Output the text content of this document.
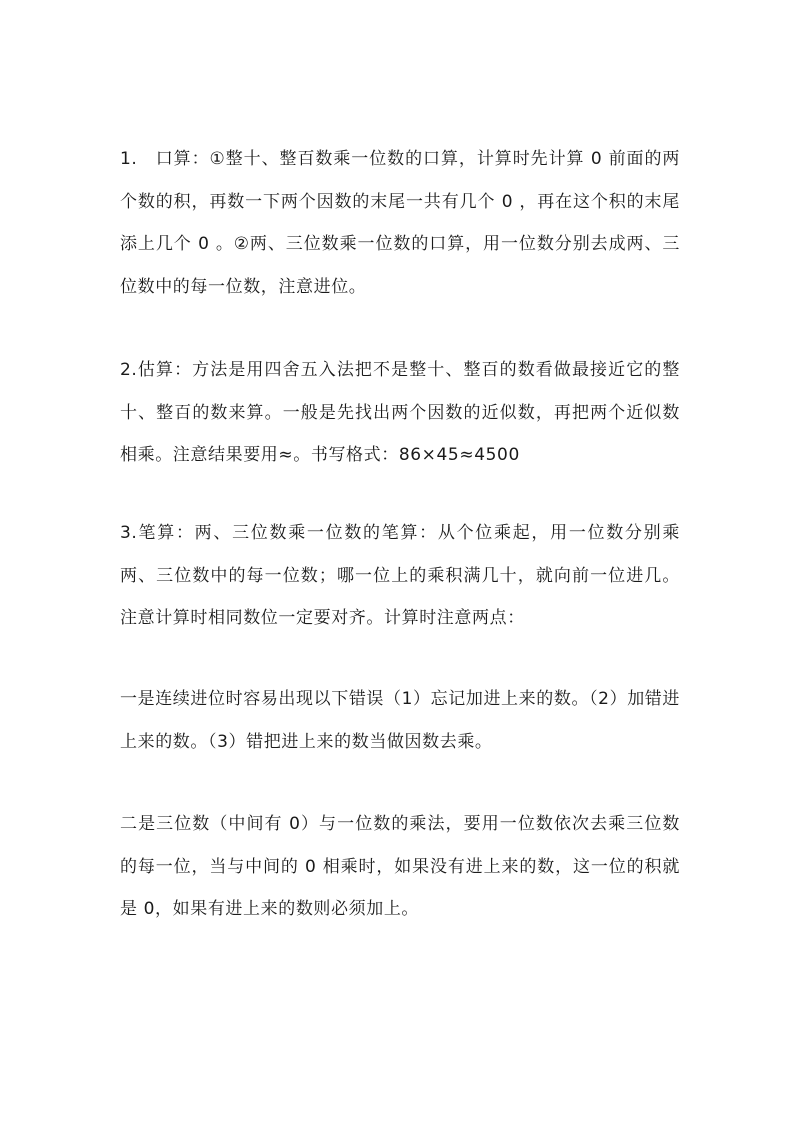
1.　口算：①整十、整百数乘一位数的口算，计算时先计算 0 前面的两个数的积，再数一下两个因数的末尾一共有几个 0 ，再在这个积的末尾添上几个 0 。②两、三位数乘一位数的口算，用一位数分别去成两、三位数中的每一位数，注意进位。

2.估算：方法是用四舍五入法把不是整十、整百的数看做最接近它的整十、整百的数来算。一般是先找出两个因数的近似数，再把两个近似数相乘。注意结果要用≈。书写格式：86×45≈4500

3.笔算：两、三位数乘一位数的笔算：从个位乘起，用一位数分别乘两、三位数中的每一位数；哪一位上的乘积满几十，就向前一位进几。注意计算时相同数位一定要对齐。计算时注意两点：

一是连续进位时容易出现以下错误（1）忘记加进上来的数。（2）加错进上来的数。（3）错把进上来的数当做因数去乘。

二是三位数（中间有 0）与一位数的乘法，要用一位数依次去乘三位数的每一位，当与中间的 0 相乘时，如果没有进上来的数，这一位的积就是 0，如果有进上来的数则必须加上。
